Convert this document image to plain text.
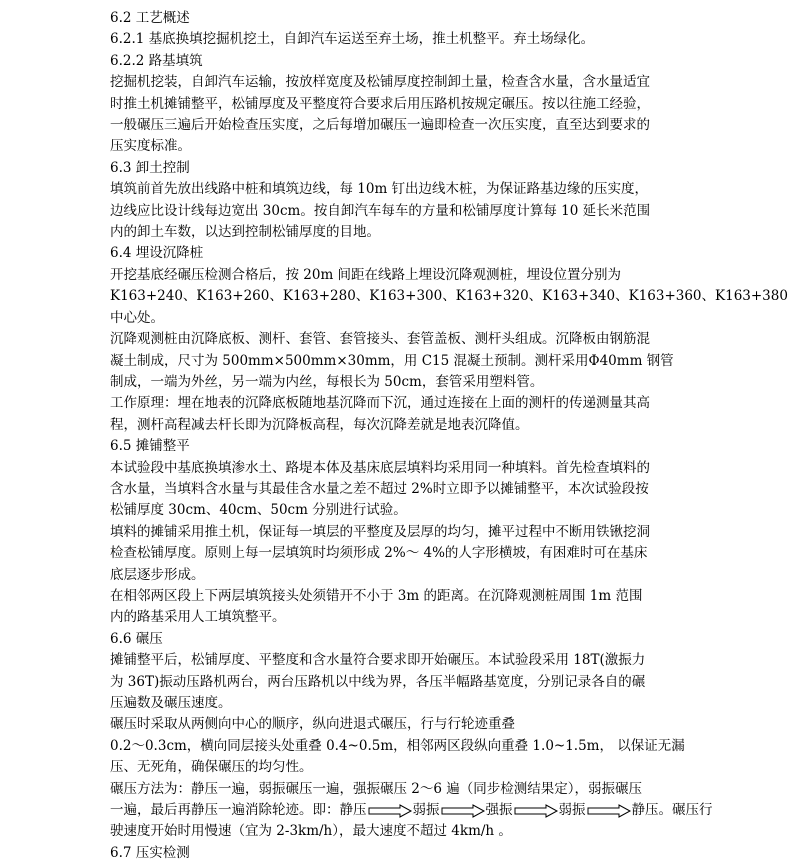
6.2 工艺概述
6.2.1 基底换填挖掘机挖土，自卸汽车运送至弃土场，推土机整平。弃土场绿化。
6.2.2 路基填筑
挖掘机挖装，自卸汽车运输，按放样宽度及松铺厚度控制卸土量，检查含水量，含水量适宜
时推土机摊铺整平，松铺厚度及平整度符合要求后用压路机按规定碾压。按以往施工经验，
一般碾压三遍后开始检查压实度，之后每增加碾压一遍即检查一次压实度，直至达到要求的
压实度标准。
6.3 卸土控制
填筑前首先放出线路中桩和填筑边线，每 10m 钉出边线木桩，为保证路基边缘的压实度，
边线应比设计线每边宽出 30cm。按自卸汽车每车的方量和松铺厚度计算每 10 延长米范围
内的卸土车数，以达到控制松铺厚度的目地。
6.4 埋设沉降桩
开挖基底经碾压检测合格后，按 20m 间距在线路上埋设沉降观测桩，埋设位置分别为
K163+240、K163+260、K163+280、K163+300、K163+320、K163+340、K163+360、K163+380
中心处。
沉降观测桩由沉降底板、测杆、套管、套管接头、套管盖板、测杆头组成。沉降板由钢筋混
凝土制成，尺寸为 500mm×500mm×30mm，用 C15 混凝土预制。测杆采用Φ40mm 钢管
制成，一端为外丝，另一端为内丝，每根长为 50cm，套管采用塑料管。
工作原理：埋在地表的沉降底板随地基沉降而下沉，通过连接在上面的测杆的传递测量其高
程，测杆高程减去杆长即为沉降板高程，每次沉降差就是地表沉降值。
6.5 摊铺整平
本试验段中基底换填渗水土、路堤本体及基床底层填料均采用同一种填料。首先检查填料的
含水量，当填料含水量与其最佳含水量之差不超过 2%时立即予以摊铺整平，本次试验段按
松铺厚度 30cm、40cm、50cm 分别进行试验。
填料的摊铺采用推土机，保证每一填层的平整度及层厚的均匀，摊平过程中不断用铁锹挖洞
检查松铺厚度。原则上每一层填筑时均须形成 2%～ 4%的人字形横坡，有困难时可在基床
底层逐步形成。
在相邻两区段上下两层填筑接头处须错开不小于 3m 的距离。在沉降观测桩周围 1m 范围
内的路基采用人工填筑整平。
6.6 碾压
摊铺整平后，松铺厚度、平整度和含水量符合要求即开始碾压。本试验段采用 18T(激振力
为 36T)振动压路机两台，两台压路机以中线为界，各压半幅路基宽度，分别记录各自的碾
压遍数及碾压速度。
碾压时采取从两侧向中心的顺序，纵向进退式碾压，行与行轮迹重叠
0.2～0.3cm，横向同层接头处重叠 0.4~0.5m，相邻两区段纵向重叠 1.0~1.5m， 以保证无漏
压、无死角，确保碾压的均匀性。
碾压方法为：静压一遍，弱振碾压一遍，强振碾压 2～6 遍（同步检测结果定），弱振碾压
一遍，最后再静压一遍消除轮迹。即： 静压	弱振	强振	弱振	静压。碾压行
驶速度开始时用慢速（宜为 2-3km/h），最大速度不超过 4km/h 。
6.7 压实检测
